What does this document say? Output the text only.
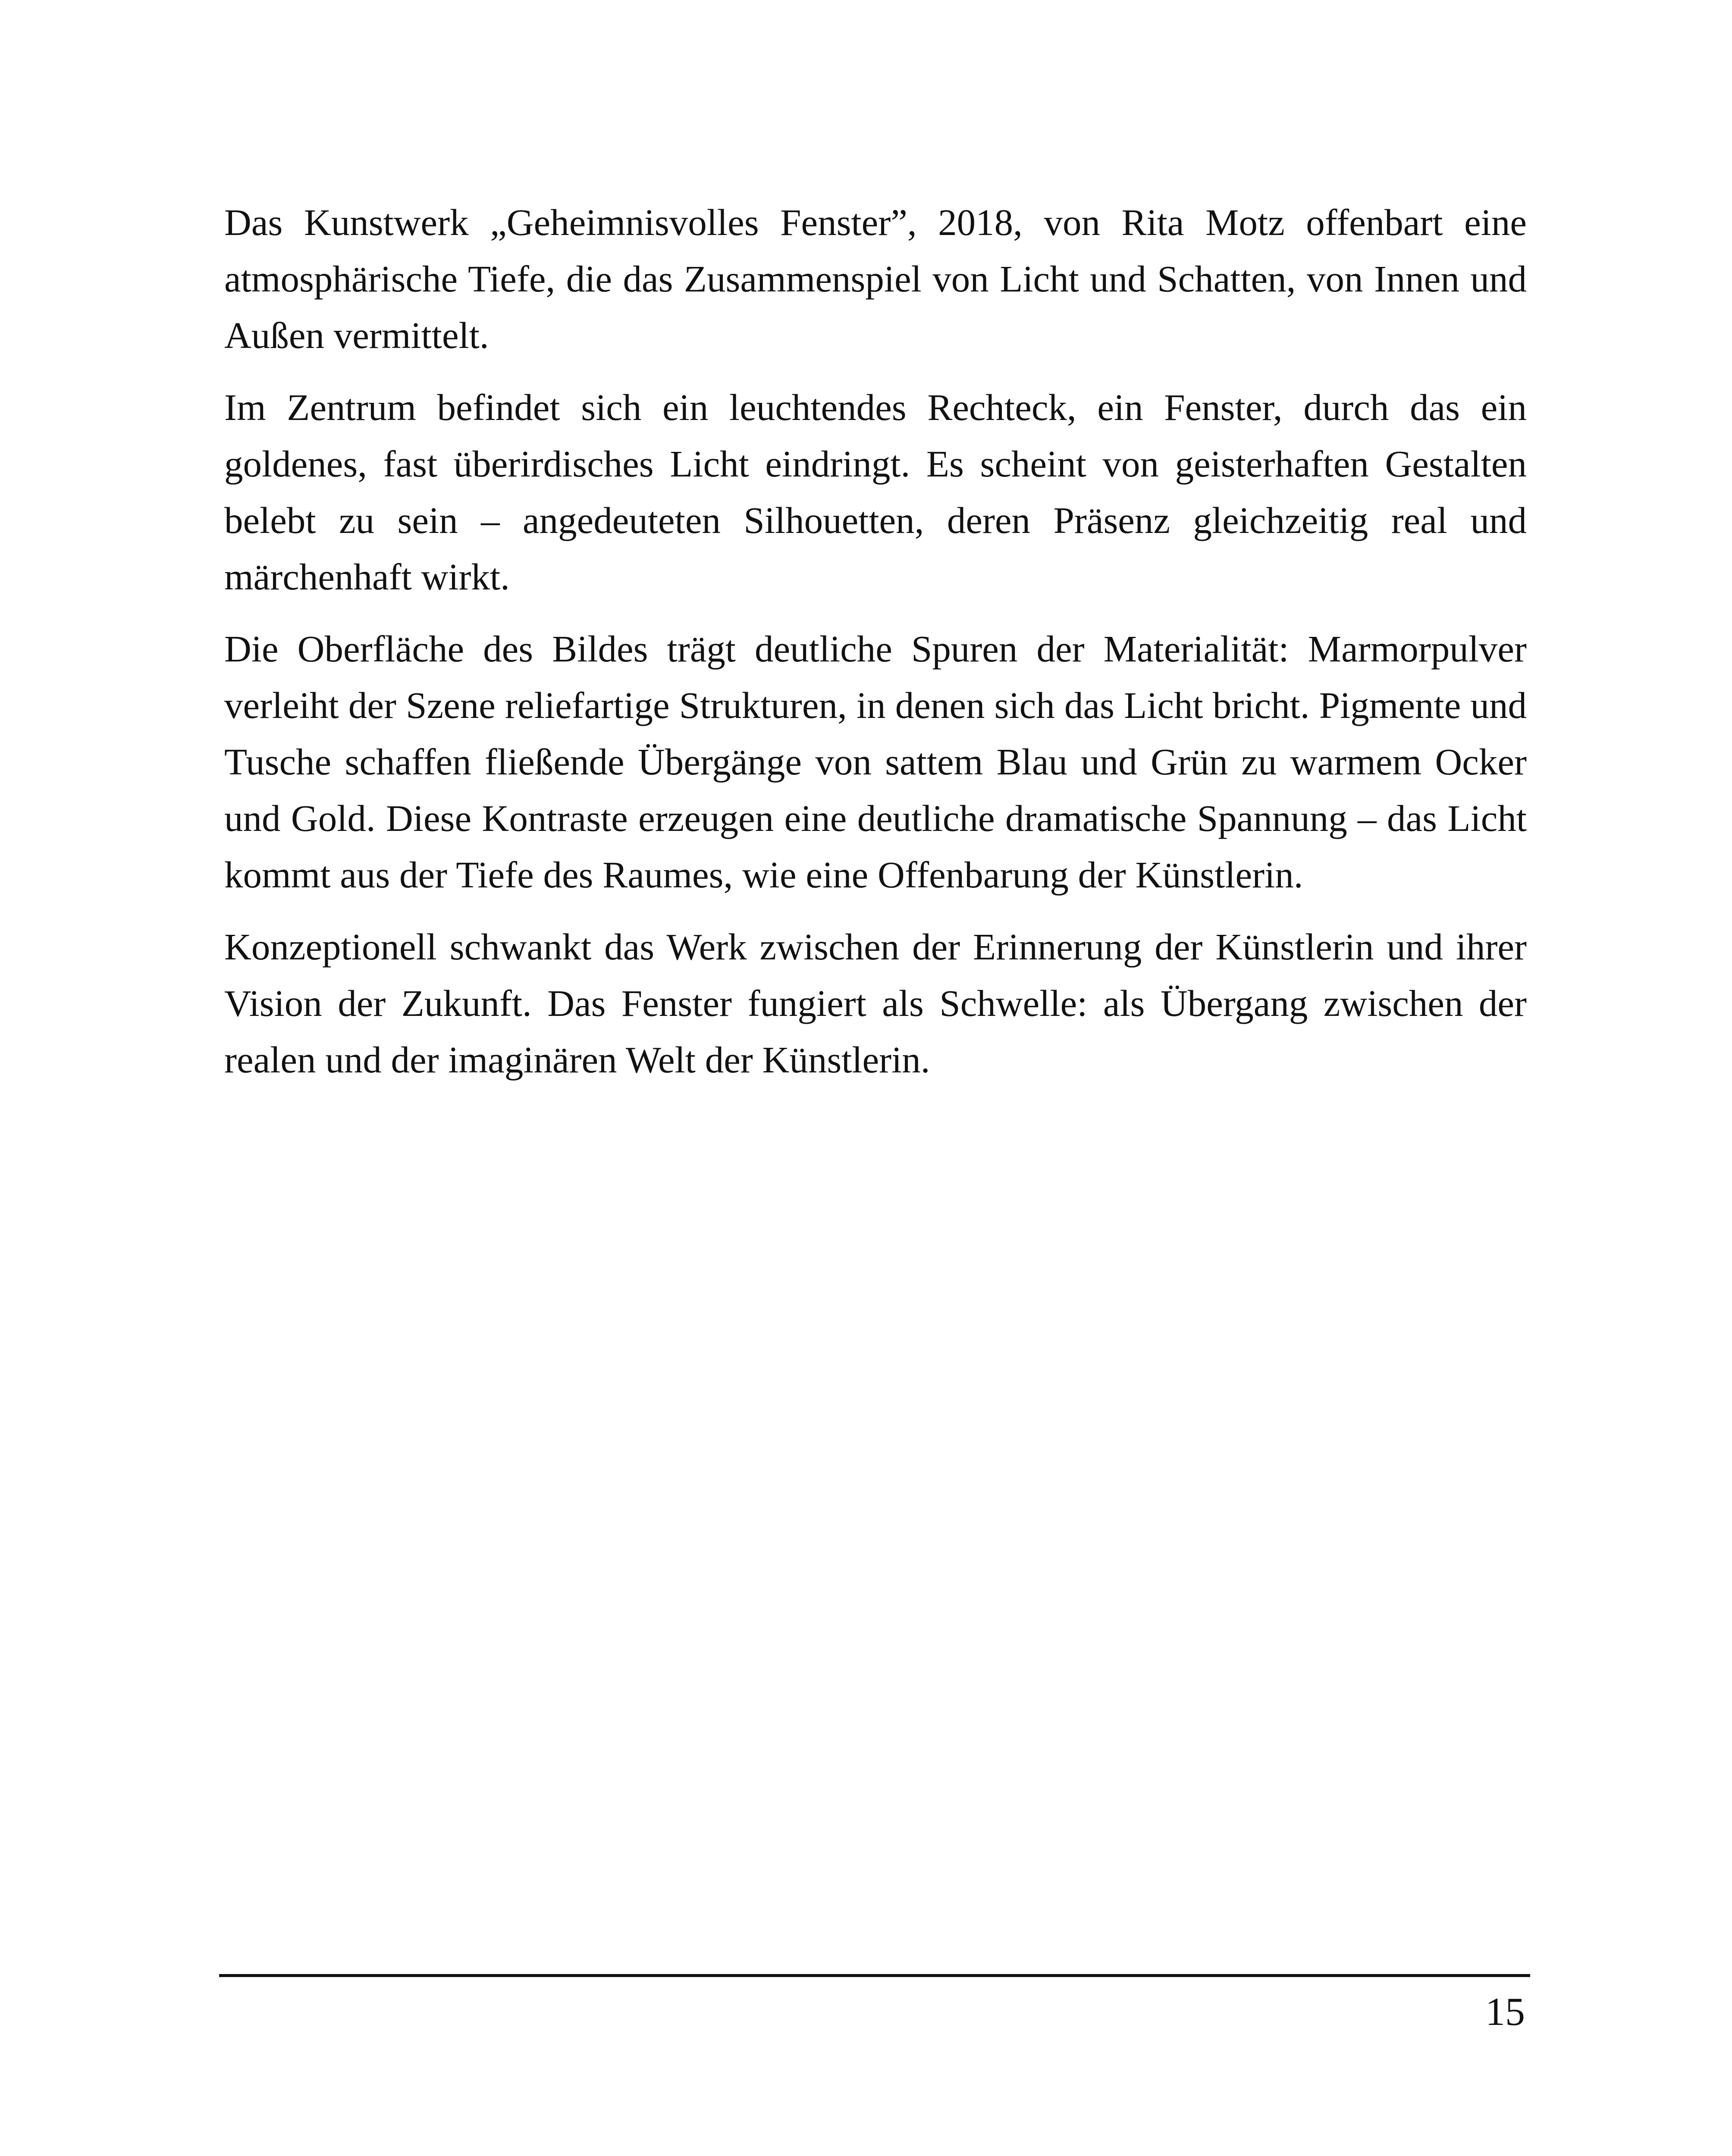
Das Kunstwerk „Geheimnisvolles Fenster”, 2018, von Rita Motz offenbart eine atmosphärische Tiefe, die das Zusammenspiel von Licht und Schatten, von Innen und Außen vermittelt.

Im Zentrum befindet sich ein leuchtendes Rechteck, ein Fenster, durch das ein goldenes, fast überirdisches Licht eindringt. Es scheint von geisterhaften Gestalten belebt zu sein – angedeuteten Silhouetten, deren Präsenz gleichzeitig real und märchenhaft wirkt.

Die Oberfläche des Bildes trägt deutliche Spuren der Materialität: Marmorpulver verleiht der Szene reliefartige Strukturen, in denen sich das Licht bricht. Pigmente und Tusche schaffen fließende Übergänge von sattem Blau und Grün zu warmem Ocker und Gold. Diese Kontraste erzeugen eine deutliche dramatische Spannung – das Licht kommt aus der Tiefe des Raumes, wie eine Offenbarung der Künstlerin.

Konzeptionell schwankt das Werk zwischen der Erinnerung der Künstlerin und ihrer Vision der Zukunft. Das Fenster fungiert als Schwelle: als Übergang zwischen der realen und der imaginären Welt der Künstlerin.

15
